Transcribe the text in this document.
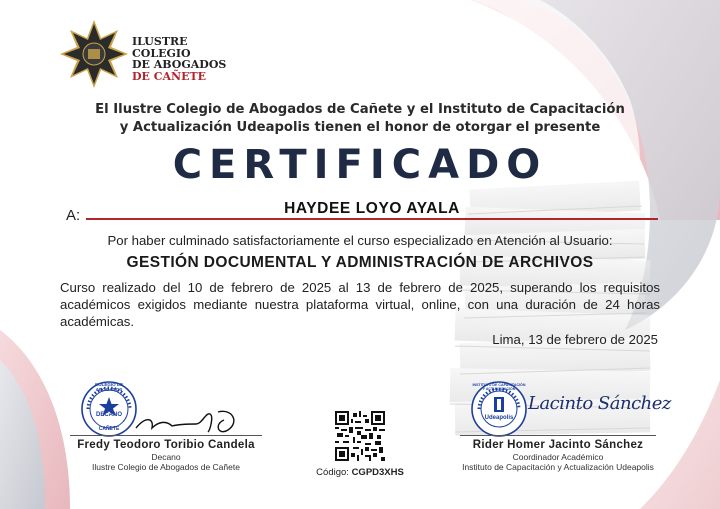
ILUSTRE
COLEGIO
DE ABOGADOS
DE CAÑETE
El Ilustre Colegio de Abogados de Cañete y el Instituto de Capacitación
y Actualización Udeapolis tienen el honor de otorgar el presente
CERTIFICADO
A:	HAYDEE LOYO AYALA
Por haber culminado satisfactoriamente el curso especializado en Atención al Usuario:
GESTIÓN DOCUMENTAL Y ADMINISTRACIÓN DE ARCHIVOS
Curso realizado del 10 de febrero de 2025 al 13 de febrero de 2025, superando los requisitos académicos exigidos mediante nuestra plataforma virtual, online, con una duración de 24 horas académicas.
Lima, 13 de febrero de 2025
DECANO
COLEGIO DE ABOGADOS
CAÑETE
Fredy Teodoro Toribio Candela
Decano
Ilustre Colegio de Abogados de Cañete	Código: CGPD3XHS
INSTITUTO DE CAPACITACIÓN Y ACTUALIZACIÓN
Udeapolis
Lacinto Sánchez
Rider Homer Jacinto Sánchez
Coordinador Académico
Instituto de Capacitación y Actualización Udeapolis
